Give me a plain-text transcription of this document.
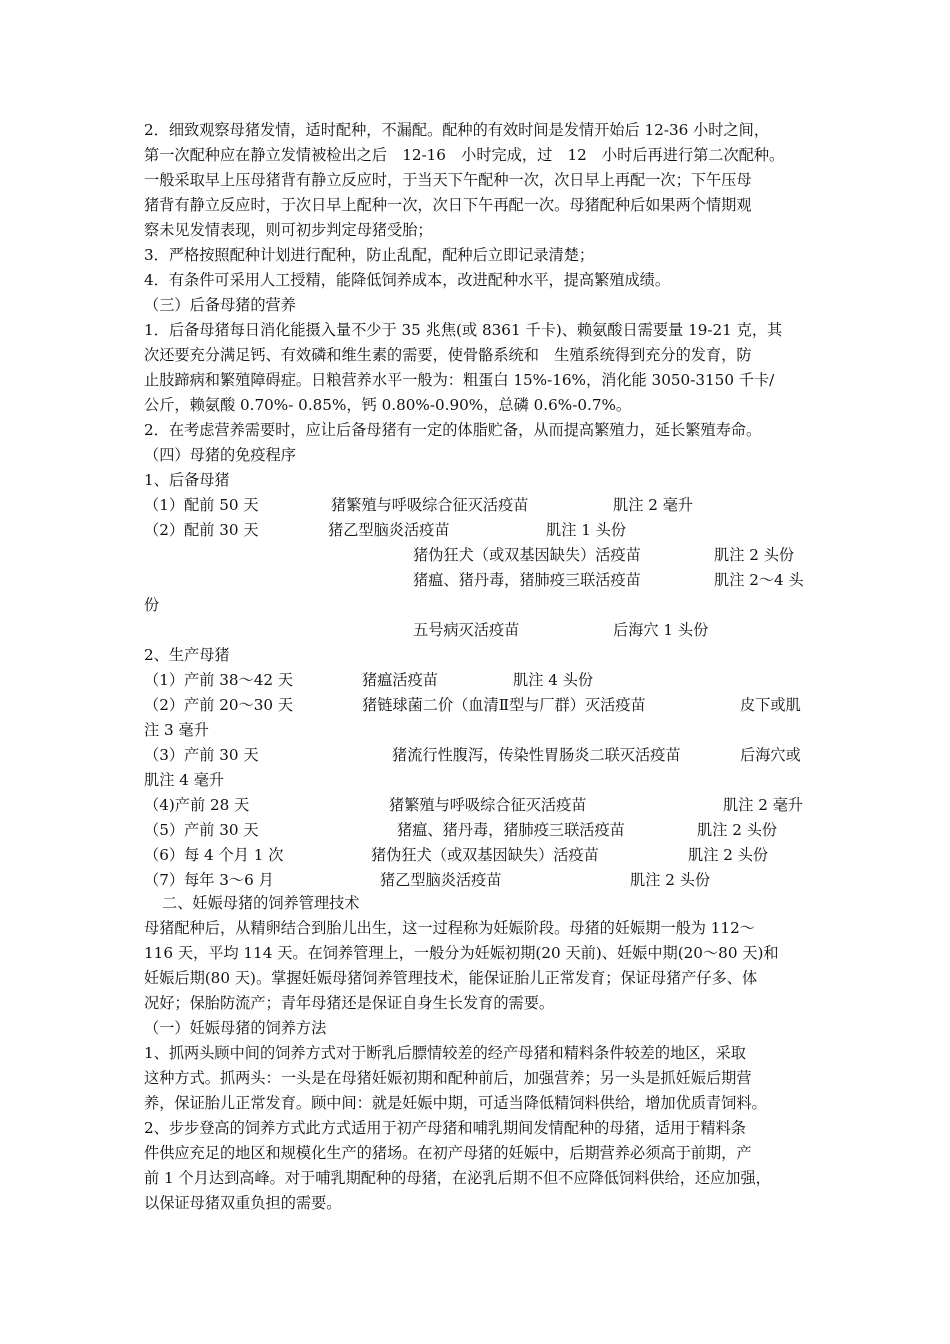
2．细致观察母猪发情，适时配种，不漏配。配种的有效时间是发情开始后 12-36 小时之间，
第一次配种应在静立发情被检出之后　12-16　小时完成，过　12　小时后再进行第二次配种。
一般采取早上压母猪背有静立反应时，于当天下午配种一次，次日早上再配一次；下午压母
猪背有静立反应时，于次日早上配种一次，次日下午再配一次。母猪配种后如果两个情期观
察未见发情表现，则可初步判定母猪受胎；
3．严格按照配种计划进行配种，防止乱配，配种后立即记录清楚；
4．有条件可采用人工授精，能降低饲养成本，改进配种水平，提高繁殖成绩。
（三）后备母猪的营养
1．后备母猪每日消化能摄入量不少于 35 兆焦(或 8361 千卡)、赖氨酸日需要量 19-21 克，其
次还要充分满足钙、有效磷和维生素的需要，使骨骼系统和　生殖系统得到充分的发育，防
止肢蹄病和繁殖障碍症。日粮营养水平一般为：粗蛋白 15%-16%，消化能 3050-3150 千卡/
公斤，赖氨酸 0.70%- 0.85%，钙 0.80%-0.90%，总磷 0.6%-0.7%。
2．在考虑营养需要时，应让后备母猪有一定的体脂贮备，从而提高繁殖力，延长繁殖寿命。
（四）母猪的免疫程序
1、后备母猪
（1）配前 50 天	猪繁殖与呼吸综合征灭活疫苗	肌注 2 毫升
（2）配前 30 天	猪乙型脑炎活疫苗	肌注 1 头份
猪伪狂犬（或双基因缺失）活疫苗	肌注 2 头份
猪瘟、猪丹毒，猪肺疫三联活疫苗	肌注 2～4 头
份
五号病灭活疫苗	后海穴 1 头份
2、生产母猪
（1）产前 38～42 天	猪瘟活疫苗	肌注 4 头份
（2）产前 20～30 天	猪链球菌二价（血清Ⅱ型与厂群）灭活疫苗	皮下或肌
注 3 毫升
（3）产前 30 天	猪流行性腹泻，传染性胃肠炎二联灭活疫苗	后海穴或
肌注 4 毫升
（4)产前 28 天	猪繁殖与呼吸综合征灭活疫苗	肌注 2 毫升
（5）产前 30 天	猪瘟、猪丹毒，猪肺疫三联活疫苗	肌注 2 头份
（6）每 4 个月 1 次	猪伪狂犬（或双基因缺失）活疫苗	肌注 2 头份
（7）每年 3～6 月	猪乙型脑炎活疫苗	肌注 2 头份
二、妊娠母猪的饲养管理技术
母猪配种后，从精卵结合到胎儿出生，这一过程称为妊娠阶段。母猪的妊娠期一般为 112～
116 天，平均 114 天。在饲养管理上，一般分为妊娠初期(20 天前)、妊娠中期(20～80 天)和
妊娠后期(80 天)。掌握妊娠母猪饲养管理技术，能保证胎儿正常发育；保证母猪产仔多、体
况好；保胎防流产；青年母猪还是保证自身生长发育的需要。
（一）妊娠母猪的饲养方法
1、抓两头顾中间的饲养方式对于断乳后膘情较差的经产母猪和精料条件较差的地区，采取
这种方式。抓两头：一头是在母猪妊娠初期和配种前后，加强营养；另一头是抓妊娠后期营
养，保证胎儿正常发育。顾中间：就是妊娠中期，可适当降低精饲料供给，增加优质青饲料。
2、步步登高的饲养方式此方式适用于初产母猪和哺乳期间发情配种的母猪，适用于精料条
件供应充足的地区和规模化生产的猪场。在初产母猪的妊娠中，后期营养必须高于前期，产
前 1 个月达到高峰。对于哺乳期配种的母猪，在泌乳后期不但不应降低饲料供给，还应加强，
以保证母猪双重负担的需要。
